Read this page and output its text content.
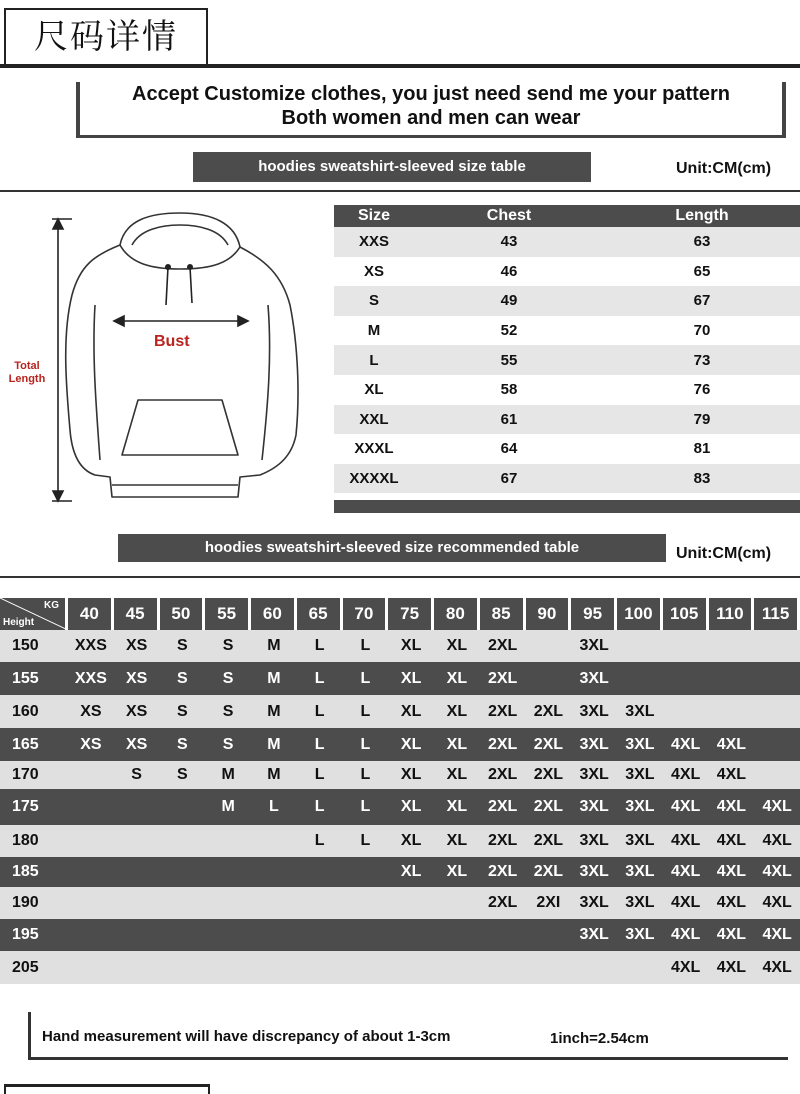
尺码详情
Accept Customize clothes, you just need send me your pattern
Both women and men can wear
hoodies sweatshirt-sleeved size table	Unit:CM(cm)
Bust
Total Length
Size	Chest	Length
XXS	43	63
XS	46	65
S	49	67
M	52	70
L	55	73
XL	58	76
XXL	61	79
XXXL	64	81
XXXXL	67	83
hoodies sweatshirt-sleeved size recommended table	Unit:CM(cm)
KG
Height	40	45	50	55	60	65	70	75	80	85	90	95	100	105	110	115
150	XXS	XS	S	S	M	L	L	XL	XL	2XL		3XL				
155	XXS	XS	S	S	M	L	L	XL	XL	2XL		3XL				
160	XS	XS	S	S	M	L	L	XL	XL	2XL	2XL	3XL	3XL			
165	XS	XS	S	S	M	L	L	XL	XL	2XL	2XL	3XL	3XL	4XL	4XL	
170		S	S	M	M	L	L	XL	XL	2XL	2XL	3XL	3XL	4XL	4XL	
175				M	L	L	L	XL	XL	2XL	2XL	3XL	3XL	4XL	4XL	4XL
180						L	L	XL	XL	2XL	2XL	3XL	3XL	4XL	4XL	4XL
185								XL	XL	2XL	2XL	3XL	3XL	4XL	4XL	4XL
190										2XL	2XI	3XL	3XL	4XL	4XL	4XL
195												3XL	3XL	4XL	4XL	4XL
205														4XL	4XL	4XL
Hand measurement will have discrepancy of about 1-3cm	1inch=2.54cm
